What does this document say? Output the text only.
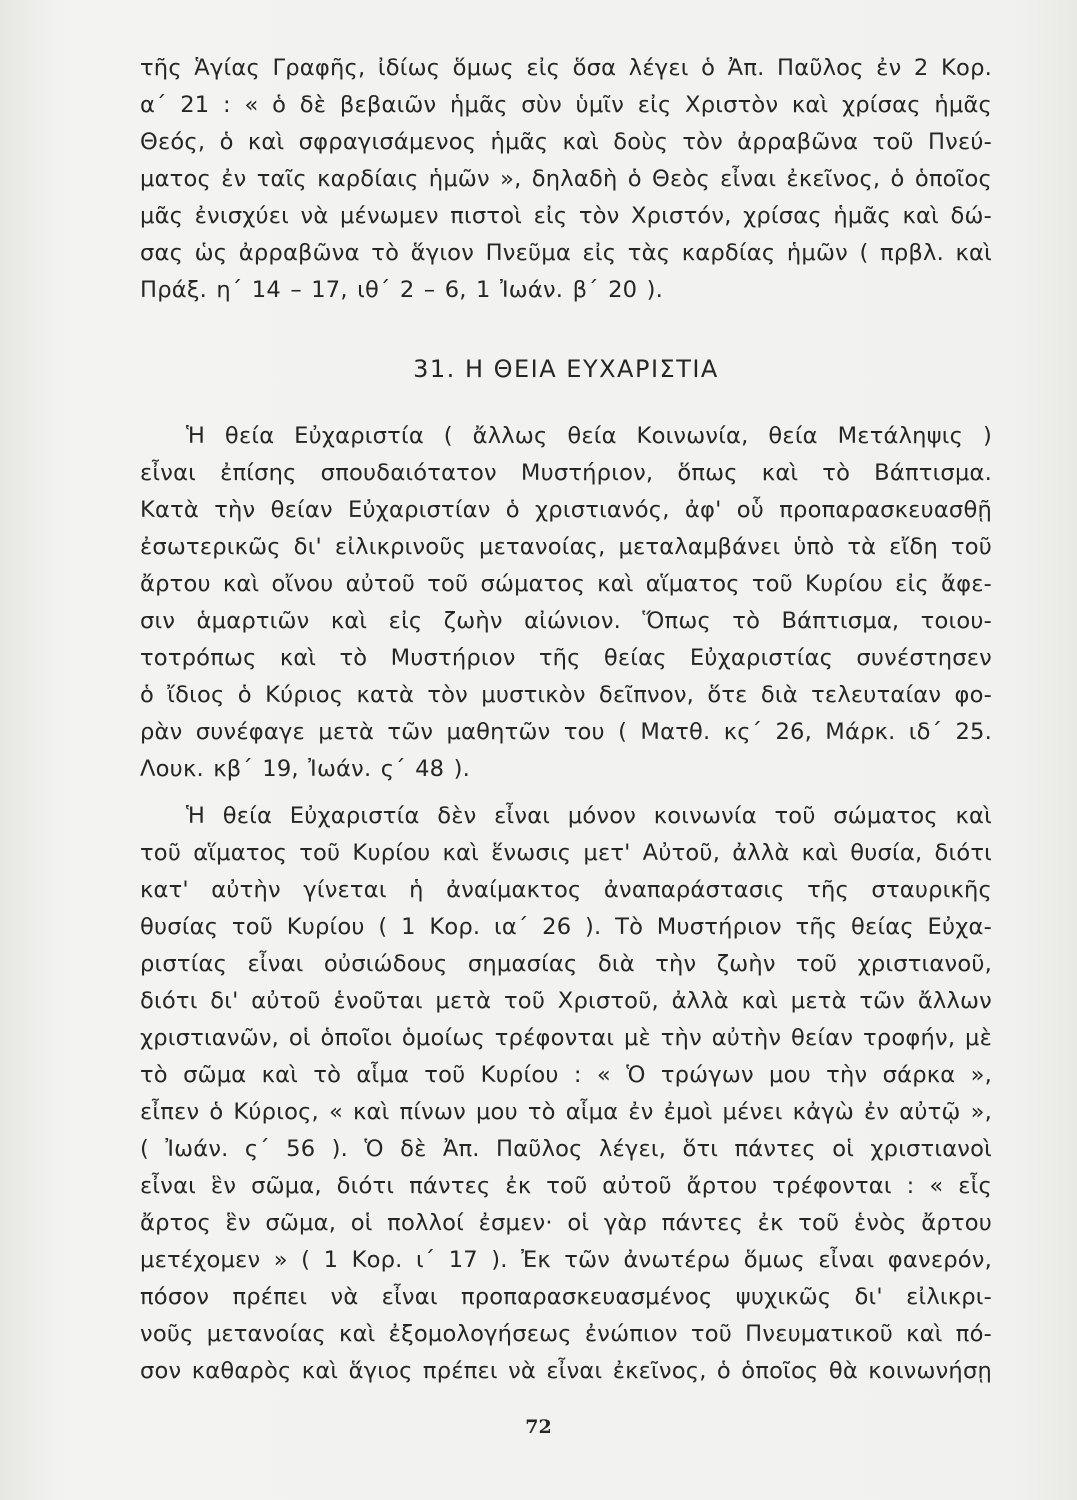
τῆς Ἁγίας Γραφῆς, ἰδίως ὅμως εἰς ὅσα λέγει ὁ Ἀπ. Παῦλος ἐν 2 Κορ.
α´ 21 : « ὁ δὲ βεβαιῶν ἡμᾶς σὺν ὑμῖν εἰς Χριστὸν καὶ χρίσας ἡμᾶς
Θεός, ὁ καὶ σφραγισάμενος ἡμᾶς καὶ δοὺς τὸν ἀρραβῶνα τοῦ Πνεύ-
ματος ἐν ταῖς καρδίαις ἡμῶν », δηλαδὴ ὁ Θεὸς εἶναι ἐκεῖνος, ὁ ὁποῖος
μᾶς ἐνισχύει νὰ μένωμεν πιστοὶ εἰς τὸν Χριστόν, χρίσας ἡμᾶς καὶ δώ-
σας ὡς ἀρραβῶνα τὸ ἅγιον Πνεῦμα εἰς τὰς καρδίας ἡμῶν ( πρβλ. καὶ
Πράξ. η´ 14 – 17, ιθ´ 2 – 6, 1 Ἰωάν. β´ 20 ).
31. Η ΘΕΙΑ ΕΥΧΑΡΙΣΤΙΑ
Ἡ θεία Εὐχαριστία ( ἄλλως θεία Κοινωνία, θεία Μετάληψις )
εἶναι ἐπίσης σπουδαιότατον Μυστήριον, ὅπως καὶ τὸ Βάπτισμα.
Κατὰ τὴν θείαν Εὐχαριστίαν ὁ χριστιανός, ἀφ' οὗ προπαρασκευασθῇ
ἐσωτερικῶς δι' εἰλικρινοῦς μετανοίας, μεταλαμβάνει ὑπὸ τὰ εἴδη τοῦ
ἄρτου καὶ οἴνου αὐτοῦ τοῦ σώματος καὶ αἵματος τοῦ Κυρίου εἰς ἄφε-
σιν ἁμαρτιῶν καὶ εἰς ζωὴν αἰώνιον. Ὅπως τὸ Βάπτισμα, τοιου-
τοτρόπως καὶ τὸ Μυστήριον τῆς θείας Εὐχαριστίας συνέστησεν
ὁ ἴδιος ὁ Κύριος κατὰ τὸν μυστικὸν δεῖπνον, ὅτε διὰ τελευταίαν φο-
ρὰν συνέφαγε μετὰ τῶν μαθητῶν του ( Ματθ. κς´ 26, Μάρκ. ιδ´ 25.
Λουκ. κβ´ 19, Ἰωάν. ς´ 48 ).
Ἡ θεία Εὐχαριστία δὲν εἶναι μόνον κοινωνία τοῦ σώματος καὶ
τοῦ αἵματος τοῦ Κυρίου καὶ ἕνωσις μετ' Αὐτοῦ, ἀλλὰ καὶ θυσία, διότι
κατ' αὐτὴν γίνεται ἡ ἀναίμακτος ἀναπαράστασις τῆς σταυρικῆς
θυσίας τοῦ Κυρίου ( 1 Κορ. ια´ 26 ). Τὸ Μυστήριον τῆς θείας Εὐχα-
ριστίας εἶναι οὐσιώδους σημασίας διὰ τὴν ζωὴν τοῦ χριστιανοῦ,
διότι δι' αὐτοῦ ἑνοῦται μετὰ τοῦ Χριστοῦ, ἀλλὰ καὶ μετὰ τῶν ἄλλων
χριστιανῶν, οἱ ὁποῖοι ὁμοίως τρέφονται μὲ τὴν αὐτὴν θείαν τροφήν, μὲ
τὸ σῶμα καὶ τὸ αἷμα τοῦ Κυρίου : « Ὁ τρώγων μου τὴν σάρκα »,
εἶπεν ὁ Κύριος, « καὶ πίνων μου τὸ αἷμα ἐν ἐμοὶ μένει κἀγὼ ἐν αὐτῷ »,
( Ἰωάν. ς´ 56 ). Ὁ δὲ Ἀπ. Παῦλος λέγει, ὅτι πάντες οἱ χριστιανοὶ
εἶναι ἓν σῶμα, διότι πάντες ἐκ τοῦ αὐτοῦ ἄρτου τρέφονται : « εἷς
ἄρτος ἓν σῶμα, οἱ πολλοί ἐσμεν· οἱ γὰρ πάντες ἐκ τοῦ ἑνὸς ἄρτου
μετέχομεν » ( 1 Κορ. ι´ 17 ). Ἐκ τῶν ἀνωτέρω ὅμως εἶναι φανερόν,
πόσον πρέπει νὰ εἶναι προπαρασκευασμένος ψυχικῶς δι' εἰλικρι-
νοῦς μετανοίας καὶ ἐξομολογήσεως ἐνώπιον τοῦ Πνευματικοῦ καὶ πό-
σον καθαρὸς καὶ ἅγιος πρέπει νὰ εἶναι ἐκεῖνος, ὁ ὁποῖος θὰ κοινωνήσῃ
72
